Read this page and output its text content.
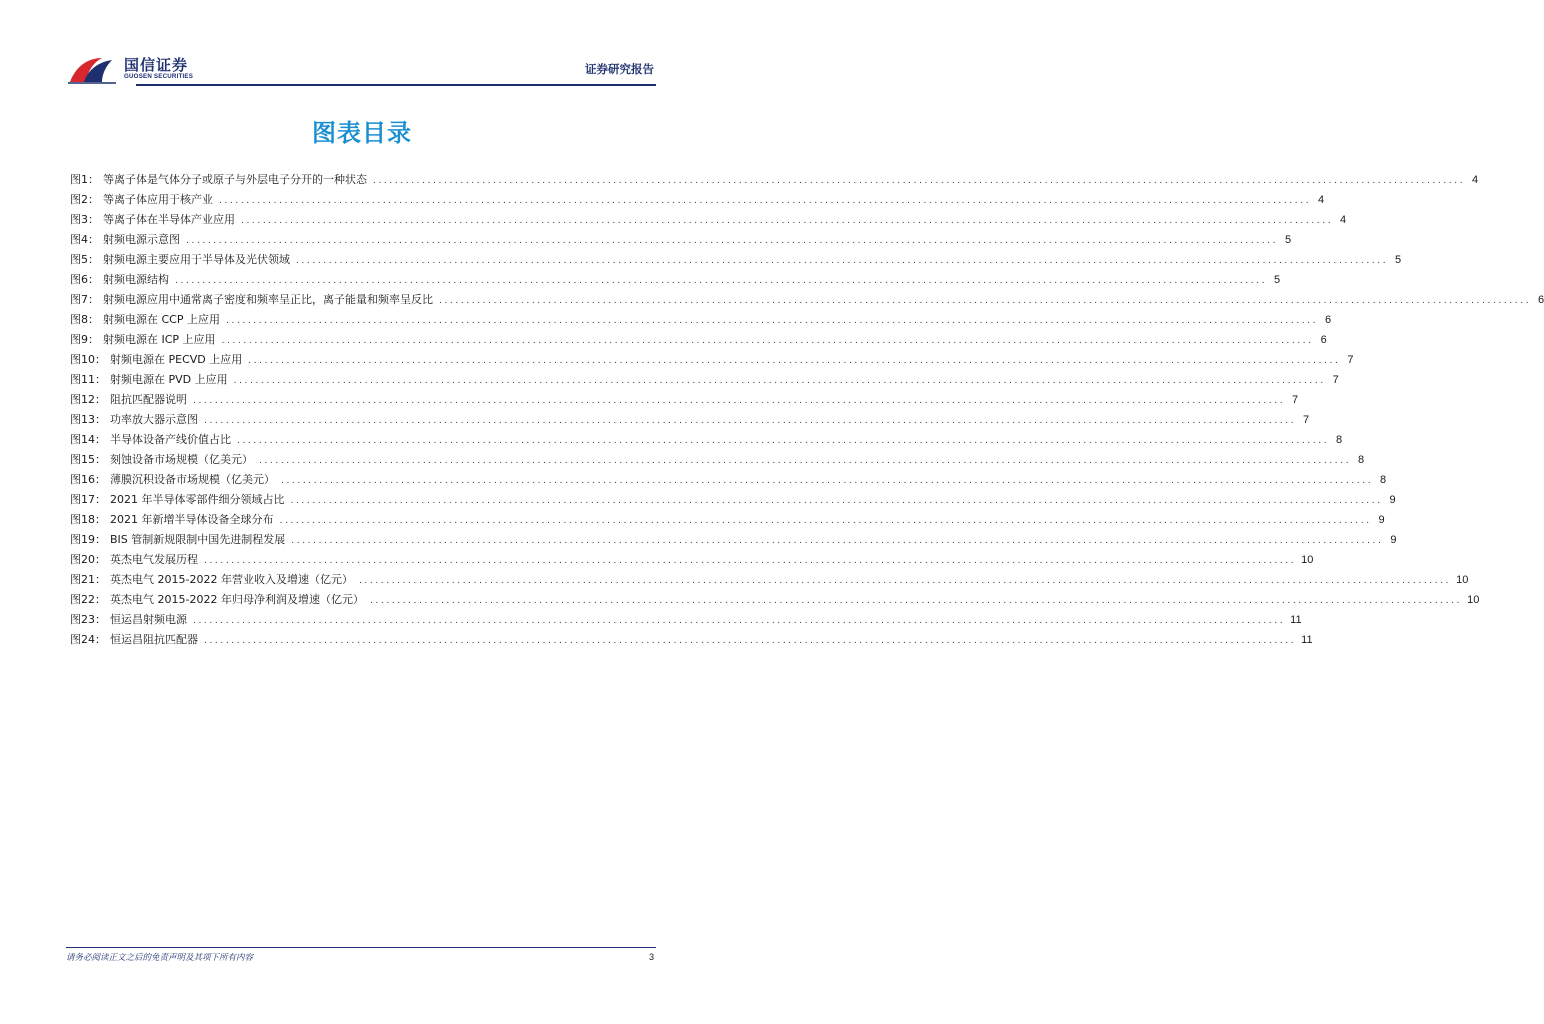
国信证券
GUOSEN SECURITIES
证券研究报告
图表目录
图1： 等离子体是气体分子或原子与外层电子分开的一种状态 ........................................................................................................................................................................................................ 4
图2： 等离子体应用于核产业 ........................................................................................................................................................................................................ 4
图3： 等离子体在半导体产业应用 ........................................................................................................................................................................................................ 4
图4： 射频电源示意图 ........................................................................................................................................................................................................ 5
图5： 射频电源主要应用于半导体及光伏领域 ........................................................................................................................................................................................................ 5
图6： 射频电源结构 ........................................................................................................................................................................................................ 5
图7： 射频电源应用中通常离子密度和频率呈正比，离子能量和频率呈反比 ........................................................................................................................................................................................................ 6
图8： 射频电源在 CCP 上应用 ........................................................................................................................................................................................................ 6
图9： 射频电源在 ICP 上应用 ........................................................................................................................................................................................................ 6
图10： 射频电源在 PECVD 上应用 ........................................................................................................................................................................................................ 7
图11： 射频电源在 PVD 上应用 ........................................................................................................................................................................................................ 7
图12： 阻抗匹配器说明 ........................................................................................................................................................................................................ 7
图13： 功率放大器示意图 ........................................................................................................................................................................................................ 7
图14： 半导体设备产线价值占比 ........................................................................................................................................................................................................ 8
图15： 刻蚀设备市场规模（亿美元） ........................................................................................................................................................................................................ 8
图16： 薄膜沉积设备市场规模（亿美元） ........................................................................................................................................................................................................ 8
图17： 2021 年半导体零部件细分领域占比 ........................................................................................................................................................................................................ 9
图18： 2021 年新增半导体设备全球分布 ........................................................................................................................................................................................................ 9
图19： BIS 管制新规限制中国先进制程发展 ........................................................................................................................................................................................................ 9
图20： 英杰电气发展历程 ........................................................................................................................................................................................................ 10
图21： 英杰电气 2015-2022 年营业收入及增速（亿元） ........................................................................................................................................................................................................ 10
图22： 英杰电气 2015-2022 年归母净利润及增速（亿元） ........................................................................................................................................................................................................ 10
图23： 恒运昌射频电源 ........................................................................................................................................................................................................ 11
图24： 恒运昌阻抗匹配器 ........................................................................................................................................................................................................ 11
请务必阅读正文之后的免责声明及其项下所有内容	3
